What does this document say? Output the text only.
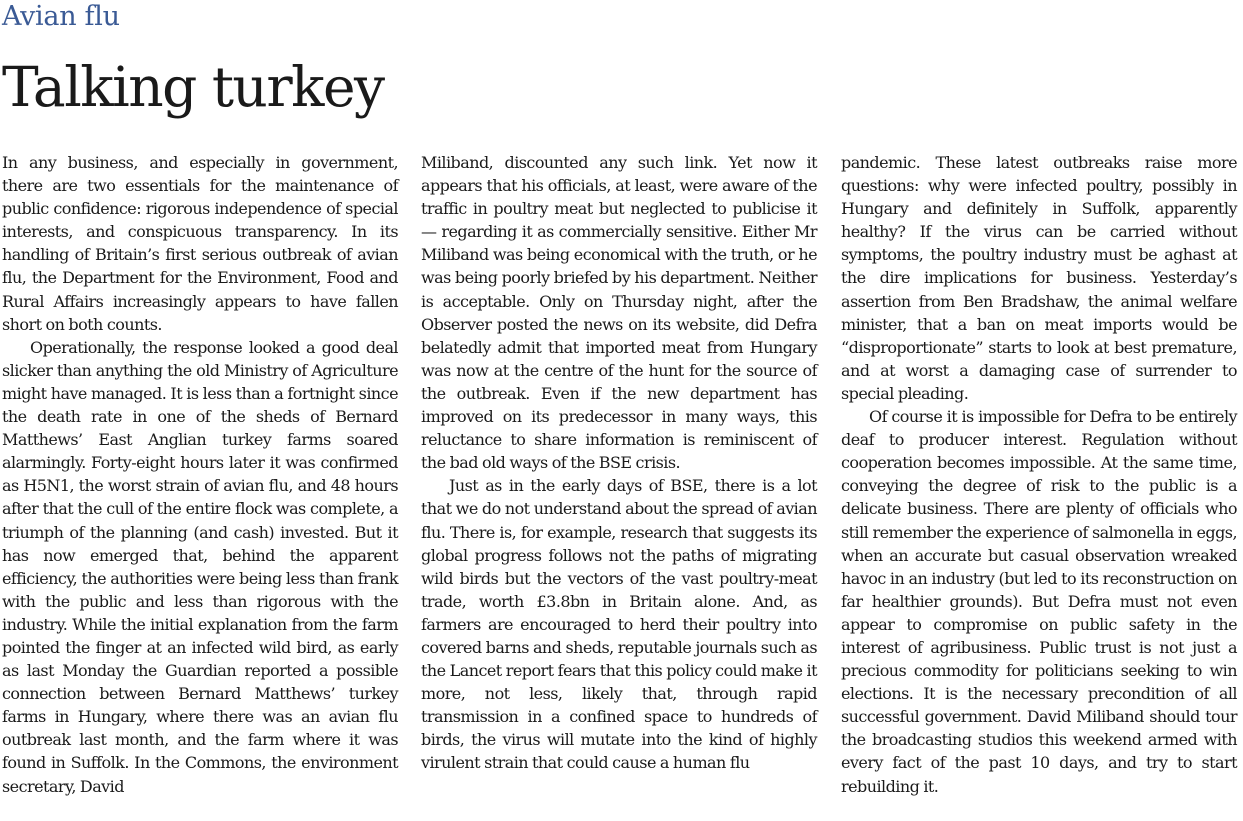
Avian flu
Talking turkey

In any business, and especially in government, there are two essentials for the maintenance of public confidence: rigorous independence of special interests, and conspicuous transparency. In its handling of Britain’s first serious outbreak of avian flu, the Department for the Environment, Food and Rural Affairs increasingly appears to have fallen short on both counts.

Operationally, the response looked a good deal slicker than anything the old Ministry of Agriculture might have managed. It is less than a fortnight since the death rate in one of the sheds of Bernard Matthews’ East Anglian turkey farms soared alarmingly. Forty-eight hours later it was confirmed as H5N1, the worst strain of avian flu, and 48 hours after that the cull of the entire flock was complete, a triumph of the planning (and cash) invested. But it has now emerged that, behind the apparent efficiency, the authorities were being less than frank with the public and less than rigorous with the industry. While the initial explanation from the farm pointed the finger at an infected wild bird, as early as last Monday the Guardian reported a possible connection between Bernard Matthews’ turkey farms in Hungary, where there was an avian flu outbreak last month, and the farm where it was found in Suffolk. In the Commons, the environment secretary, David

Miliband, discounted any such link. Yet now it appears that his officials, at least, were aware of the traffic in poultry meat but neglected to publicise it — regarding it as commercially sensitive. Either Mr Miliband was being economical with the truth, or he was being poorly briefed by his department. Neither is acceptable. Only on Thursday night, after the Observer posted the news on its website, did Defra belatedly admit that imported meat from Hungary was now at the centre of the hunt for the source of the outbreak. Even if the new department has improved on its predecessor in many ways, this reluctance to share information is reminiscent of the bad old ways of the BSE crisis.

Just as in the early days of BSE, there is a lot that we do not understand about the spread of avian flu. There is, for example, research that suggests its global progress follows not the paths of migrating wild birds but the vectors of the vast poultry-meat trade, worth £3.8bn in Britain alone. And, as farmers are encouraged to herd their poultry into covered barns and sheds, reputable journals such as the Lancet report fears that this policy could make it more, not less, likely that, through rapid transmission in a confined space to hundreds of birds, the virus will mutate into the kind of highly virulent strain that could cause a human flu

pandemic. These latest outbreaks raise more questions: why were infected poultry, possibly in Hungary and definitely in Suffolk, apparently healthy? If the virus can be carried without symptoms, the poultry industry must be aghast at the dire implications for business. Yesterday’s assertion from Ben Bradshaw, the animal welfare minister, that a ban on meat imports would be “disproportionate” starts to look at best premature, and at worst a damaging case of surrender to special pleading.

Of course it is impossible for Defra to be entirely deaf to producer interest. Regulation without cooperation becomes impossible. At the same time, conveying the degree of risk to the public is a delicate business. There are plenty of officials who still remember the experience of salmonella in eggs, when an accurate but casual observation wreaked havoc in an industry (but led to its reconstruction on far healthier grounds). But Defra must not even appear to compromise on public safety in the interest of agribusiness. Public trust is not just a precious commodity for politicians seeking to win elections. It is the necessary precondition of all successful government. David Miliband should tour the broadcasting studios this weekend armed with every fact of the past 10 days, and try to start rebuilding it.
